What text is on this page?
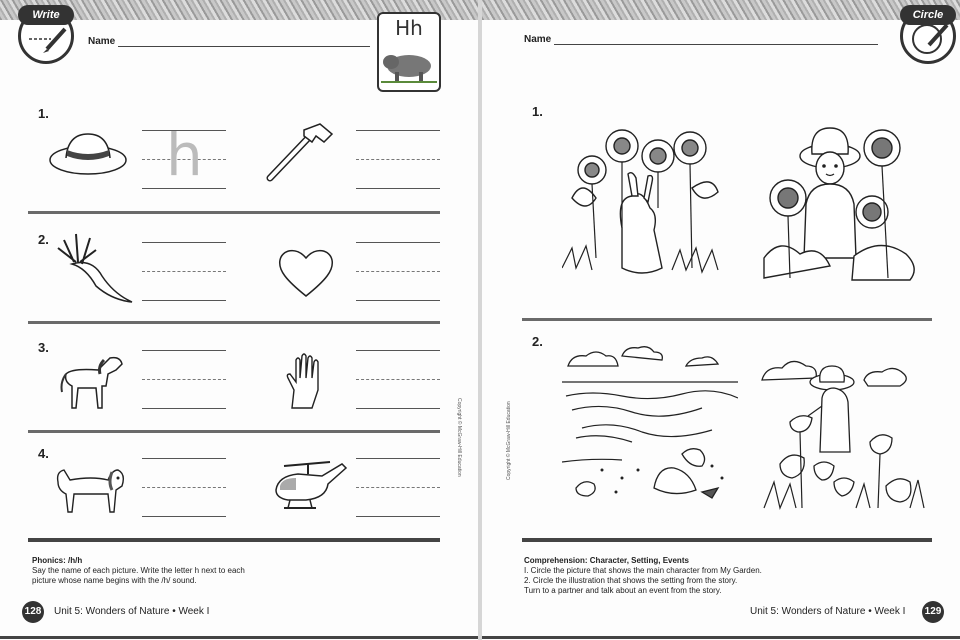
Write
Name
Hh
1.
h
2.
3.
4.
Phonics: /h/h
Say the name of each picture. Write the letter h next to each
picture whose name begins with the /h/ sound.
Copyright © McGraw-Hill Education
128 Unit 5: Wonders of Nature • Week I
Circle
Name
1.
2.
Comprehension: Character, Setting, Events
I. Circle the picture that shows the main character from My Garden.
2. Circle the illustration that shows the setting from the story.
Turn to a partner and talk about an event from the story.
Copyright © McGraw-Hill Education
Unit 5: Wonders of Nature • Week I 129
